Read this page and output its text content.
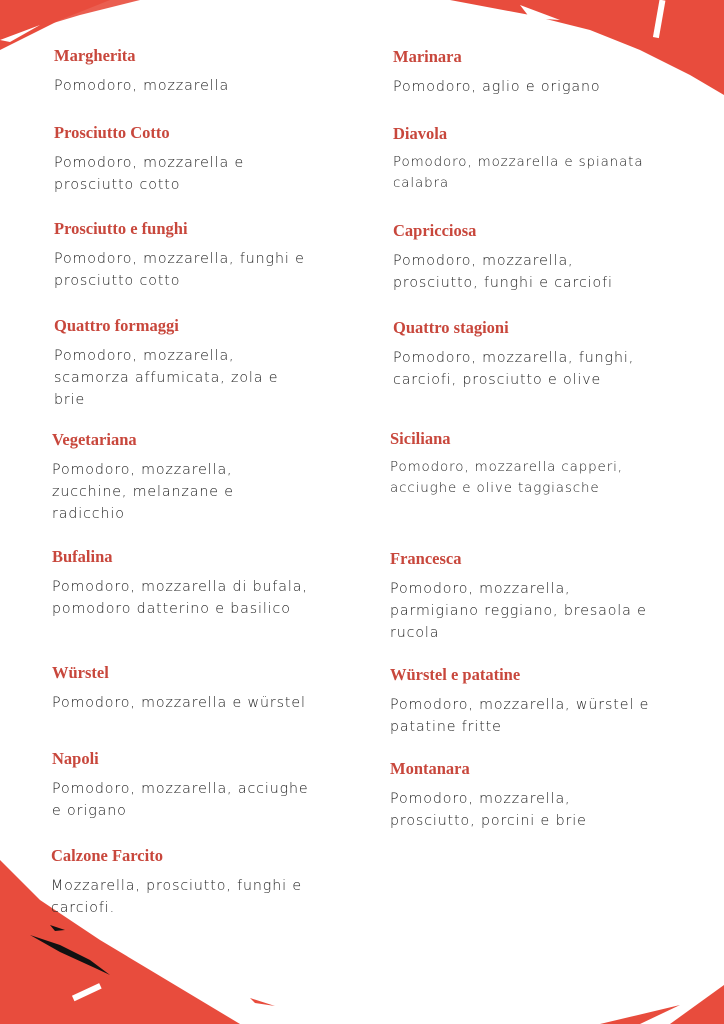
Margherita

Pomodoro, mozzarella

Prosciutto Cotto

Pomodoro, mozzarella e prosciutto cotto

Prosciutto e funghi

Pomodoro, mozzarella, funghi e prosciutto cotto

Quattro formaggi

Pomodoro, mozzarella, scamorza affumicata, zola e brie

Vegetariana

Pomodoro, mozzarella, zucchine, melanzane e radicchio

Bufalina

Pomodoro, mozzarella di bufala, pomodoro datterino e basilico

Würstel

Pomodoro, mozzarella e würstel

Napoli

Pomodoro, mozzarella, acciughe e origano

Calzone Farcito

Mozzarella, prosciutto, funghi e carciofi.

Marinara

Pomodoro, aglio e origano

Diavola

Pomodoro, mozzarella e spianata calabra

Capricciosa

Pomodoro, mozzarella, prosciutto, funghi e carciofi

Quattro stagioni

Pomodoro, mozzarella, funghi, carciofi, prosciutto e olive

Siciliana

Pomodoro, mozzarella capperi, acciughe e olive taggiasche

Francesca

Pomodoro, mozzarella, parmigiano reggiano, bresaola e rucola

Würstel e patatine

Pomodoro, mozzarella, würstel e patatine fritte

Montanara

Pomodoro, mozzarella, prosciutto, porcini e brie
